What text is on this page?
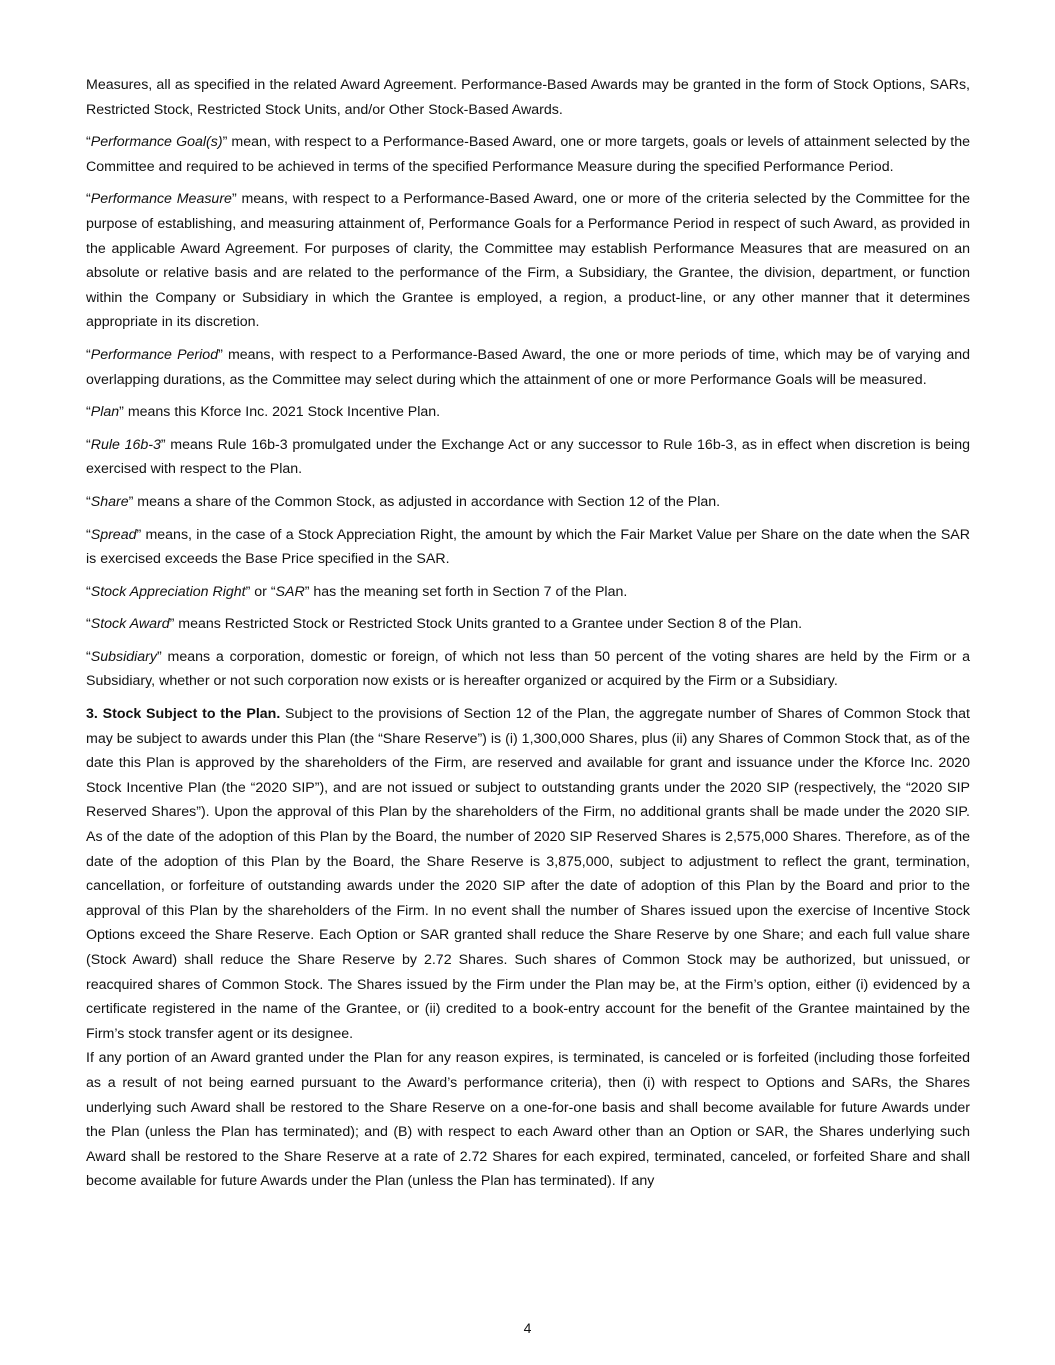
Measures, all as specified in the related Award Agreement. Performance-Based Awards may be granted in the form of Stock Options, SARs, Restricted Stock, Restricted Stock Units, and/or Other Stock-Based Awards.

“Performance Goal(s)” mean, with respect to a Performance-Based Award, one or more targets, goals or levels of attainment selected by the Committee and required to be achieved in terms of the specified Performance Measure during the specified Performance Period.

“Performance Measure” means, with respect to a Performance-Based Award, one or more of the criteria selected by the Committee for the purpose of establishing, and measuring attainment of, Performance Goals for a Performance Period in respect of such Award, as provided in the applicable Award Agreement. For purposes of clarity, the Committee may establish Performance Measures that are measured on an absolute or relative basis and are related to the performance of the Firm, a Subsidiary, the Grantee, the division, department, or function within the Company or Subsidiary in which the Grantee is employed, a region, a product-line, or any other manner that it determines appropriate in its discretion.

“Performance Period” means, with respect to a Performance-Based Award, the one or more periods of time, which may be of varying and overlapping durations, as the Committee may select during which the attainment of one or more Performance Goals will be measured.

“Plan” means this Kforce Inc. 2021 Stock Incentive Plan.

“Rule 16b-3” means Rule 16b-3 promulgated under the Exchange Act or any successor to Rule 16b-3, as in effect when discretion is being exercised with respect to the Plan.

“Share” means a share of the Common Stock, as adjusted in accordance with Section 12 of the Plan.

“Spread” means, in the case of a Stock Appreciation Right, the amount by which the Fair Market Value per Share on the date when the SAR is exercised exceeds the Base Price specified in the SAR.

“Stock Appreciation Right” or “SAR” has the meaning set forth in Section 7 of the Plan.

“Stock Award” means Restricted Stock or Restricted Stock Units granted to a Grantee under Section 8 of the Plan.

“Subsidiary” means a corporation, domestic or foreign, of which not less than 50 percent of the voting shares are held by the Firm or a Subsidiary, whether or not such corporation now exists or is hereafter organized or acquired by the Firm or a Subsidiary.

3. Stock Subject to the Plan. Subject to the provisions of Section 12 of the Plan, the aggregate number of Shares of Common Stock that may be subject to awards under this Plan (the “Share Reserve”) is (i) 1,300,000 Shares, plus (ii) any Shares of Common Stock that, as of the date this Plan is approved by the shareholders of the Firm, are reserved and available for grant and issuance under the Kforce Inc. 2020 Stock Incentive Plan (the “2020 SIP”), and are not issued or subject to outstanding grants under the 2020 SIP (respectively, the “2020 SIP Reserved Shares”). Upon the approval of this Plan by the shareholders of the Firm, no additional grants shall be made under the 2020 SIP. As of the date of the adoption of this Plan by the Board, the number of 2020 SIP Reserved Shares is 2,575,000 Shares. Therefore, as of the date of the adoption of this Plan by the Board, the Share Reserve is 3,875,000, subject to adjustment to reflect the grant, termination, cancellation, or forfeiture of outstanding awards under the 2020 SIP after the date of adoption of this Plan by the Board and prior to the approval of this Plan by the shareholders of the Firm. In no event shall the number of Shares issued upon the exercise of Incentive Stock Options exceed the Share Reserve. Each Option or SAR granted shall reduce the Share Reserve by one Share; and each full value share (Stock Award) shall reduce the Share Reserve by 2.72 Shares. Such shares of Common Stock may be authorized, but unissued, or reacquired shares of Common Stock. The Shares issued by the Firm under the Plan may be, at the Firm’s option, either (i) evidenced by a certificate registered in the name of the Grantee, or (ii) credited to a book-entry account for the benefit of the Grantee maintained by the Firm’s stock transfer agent or its designee.

If any portion of an Award granted under the Plan for any reason expires, is terminated, is canceled or is forfeited (including those forfeited as a result of not being earned pursuant to the Award’s performance criteria), then (i) with respect to Options and SARs, the Shares underlying such Award shall be restored to the Share Reserve on a one-for-one basis and shall become available for future Awards under the Plan (unless the Plan has terminated); and (B) with respect to each Award other than an Option or SAR, the Shares underlying such Award shall be restored to the Share Reserve at a rate of 2.72 Shares for each expired, terminated, canceled, or forfeited Share and shall become available for future Awards under the Plan (unless the Plan has terminated). If any

4
